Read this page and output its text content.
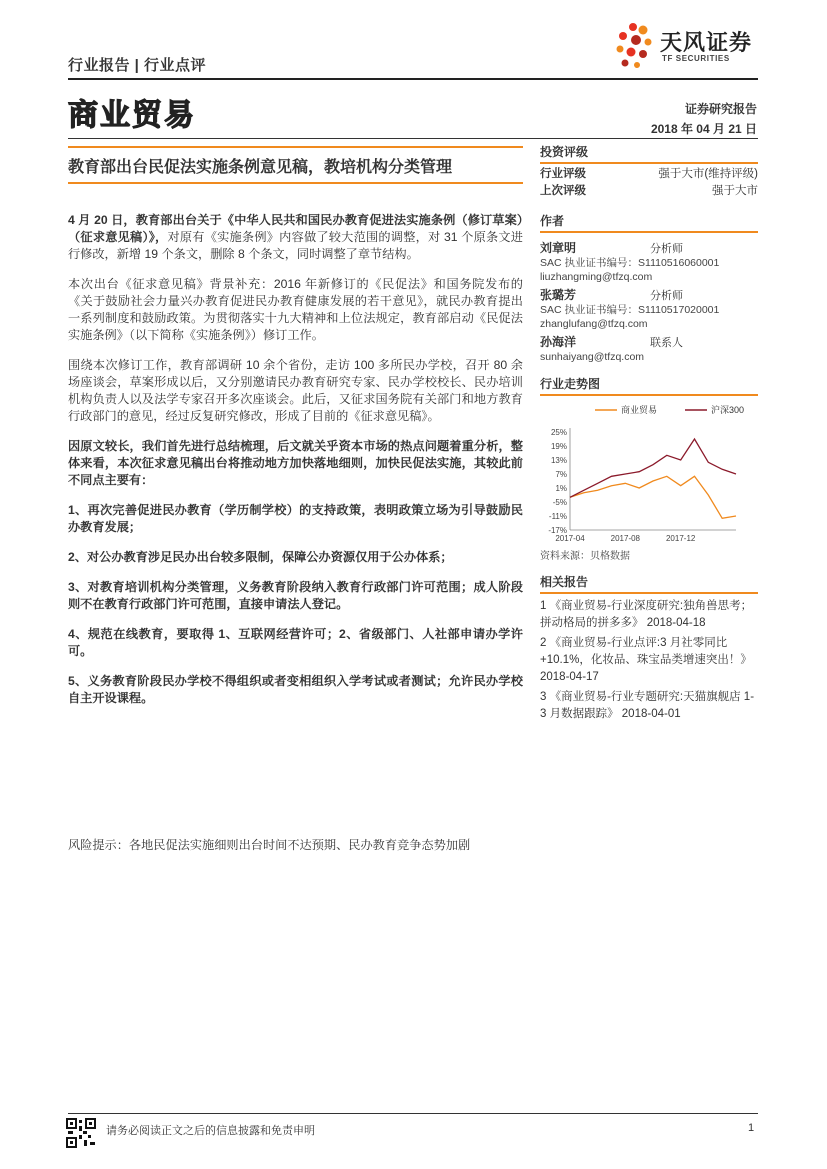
行业报告 | 行业点评
天风证券
TF SECURITIES
商业贸易	证券研究报告
2018 年 04 月 21 日
教育部出台民促法实施条例意见稿，教培机构分类管理

4 月 20 日，教育部出台关于《中华人民共和国民办教育促进法实施条例（修订草案）（征求意见稿）》，对原有《实施条例》内容做了较大范围的调整，对 31 个原条文进行修改，新增 19 个条文，删除 8 个条文，同时调整了章节结构。

本次出台《征求意见稿》背景补充：2016 年新修订的《民促法》和国务院发布的《关于鼓励社会力量兴办教育促进民办教育健康发展的若干意见》，就民办教育提出一系列制度和鼓励政策。为贯彻落实十九大精神和上位法规定，教育部启动《民促法实施条例》（以下简称《实施条例》）修订工作。

围绕本次修订工作，教育部调研 10 余个省份，走访 100 多所民办学校，召开 80 余场座谈会，草案形成以后，又分别邀请民办教育研究专家、民办学校校长、民办培训机构负责人以及法学专家召开多次座谈会。此后，又征求国务院有关部门和地方教育行政部门的意见，经过反复研究修改，形成了目前的《征求意见稿》。

因原文较长，我们首先进行总结梳理，后文就关乎资本市场的热点问题着重分析，整体来看，本次征求意见稿出台将推动地方加快落地细则，加快民促法实施，其较此前不同点主要有：

1、再次完善促进民办教育（学历制学校）的支持政策，表明政策立场为引导鼓励民办教育发展；

2、对公办教育涉足民办出台较多限制，保障公办资源仅用于公办体系；

3、对教育培训机构分类管理，义务教育阶段纳入教育行政部门许可范围；成人阶段则不在教育行政部门许可范围，直接申请法人登记。

4、规范在线教育，要取得 1、互联网经营许可；2、省级部门、人社部申请办学许可。

5、义务教育阶段民办学校不得组织或者变相组织入学考试或者测试；允许民办学校自主开设课程。

风险提示：各地民促法实施细则出台时间不达预期、民办教育竞争态势加剧
投资评级
行业评级	强于大市(维持评级)
上次评级	强于大市
作者
刘章明	分析师
SAC 执业证书编号：S1110516060001
liuzhangming@tfzq.com
张璐芳	分析师
SAC 执业证书编号：S1110517020001
zhanglufang@tfzq.com
孙海洋	联系人
sunhaiyang@tfzq.com
行业走势图
25%
19%
13%
7%
1%
-5%
-11%
-17%
2017-04	2017-08	2017-12
商业贸易	沪深300
资料来源：贝格数据
相关报告
1 《商业贸易-行业深度研究:独角兽思考；拼动格局的拼多多》 2018-04-18
2 《商业贸易-行业点评:3 月社零同比+10.1%，化妆品、珠宝品类增速突出！》 2018-04-17
3 《商业贸易-行业专题研究:天猫旗舰店 1-3 月数据跟踪》 2018-04-01
请务必阅读正文之后的信息披露和免责申明	1
